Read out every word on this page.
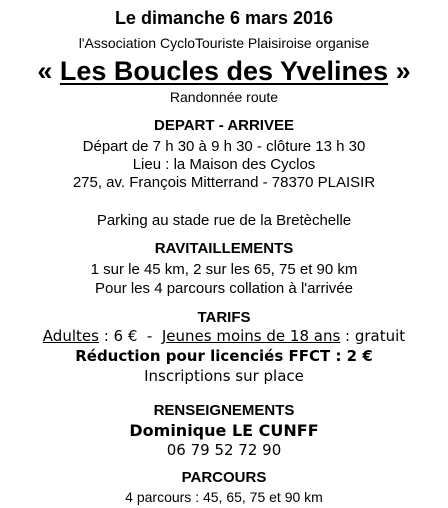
Le dimanche 6 mars 2016
l'Association CycloTouriste Plaisiroise organise
« Les Boucles des Yvelines »
Randonnée route
DEPART - ARRIVEE
Départ de 7 h 30 à 9 h 30 - clôture 13 h 30
Lieu : la Maison des Cyclos
275, av. François Mitterrand - 78370 PLAISIR
Parking au stade rue de la Bretèchelle
RAVITAILLEMENTS
1 sur le 45 km, 2 sur les 65, 75 et 90 km
Pour les 4 parcours collation à l'arrivée
TARIFS
Adultes : 6 €  -  Jeunes moins de 18 ans : gratuit
Réduction pour licenciés FFCT : 2 €
Inscriptions sur place
RENSEIGNEMENTS
Dominique LE CUNFF
06 79 52 72 90
PARCOURS
4 parcours : 45, 65, 75 et 90 km
